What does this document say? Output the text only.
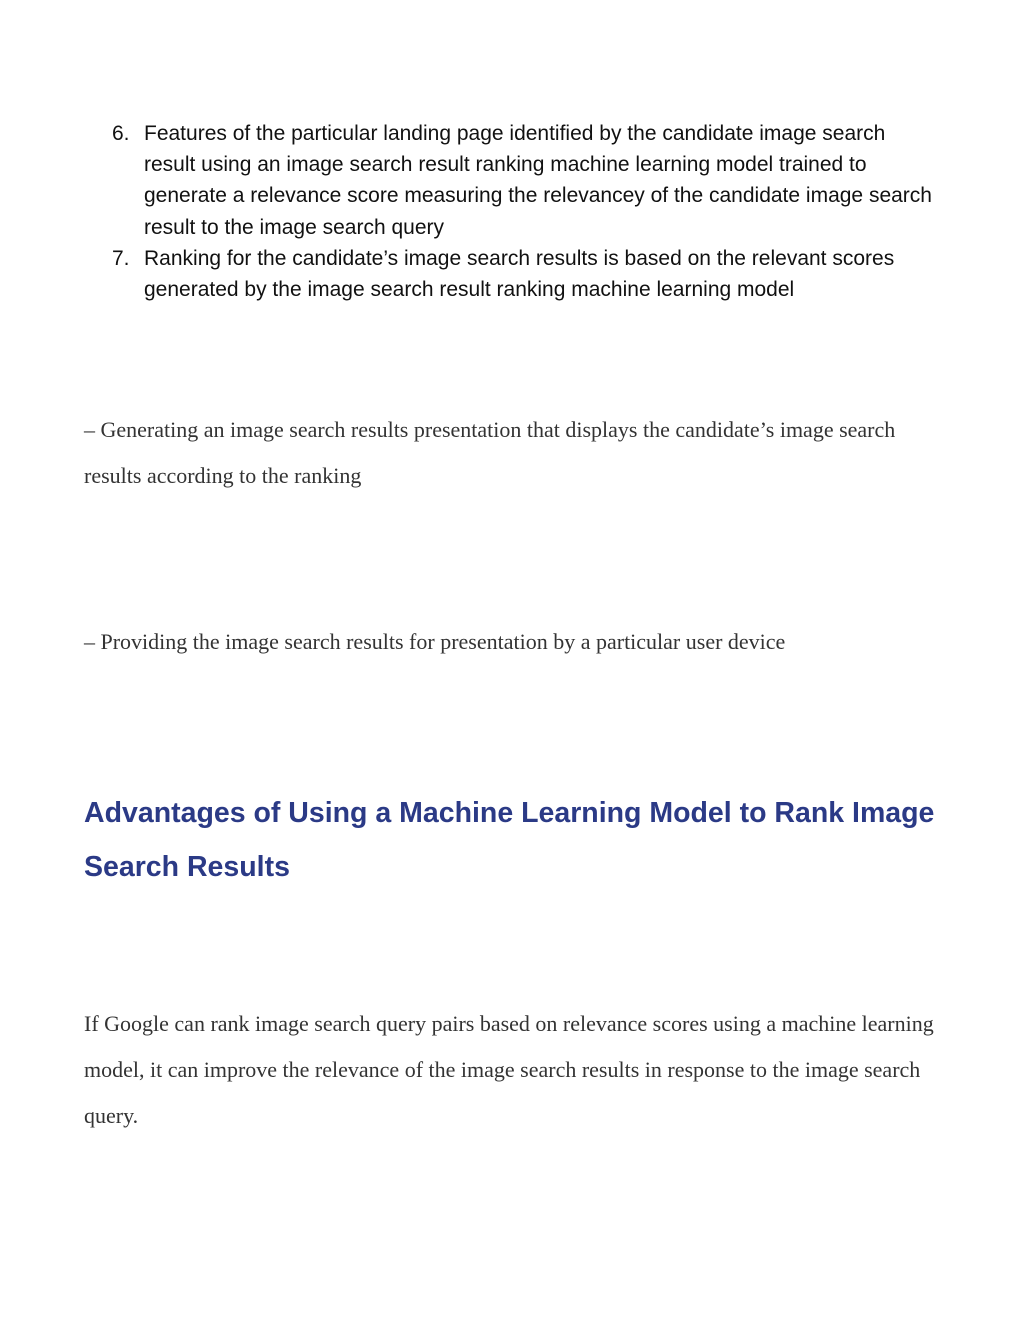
6. Features of the particular landing page identified by the candidate image search result using an image search result ranking machine learning model trained to generate a relevance score measuring the relevancey of the candidate image search result to the image search query
7. Ranking for the candidate’s image search results is based on the relevant scores generated by the image search result ranking machine learning model

– Generating an image search results presentation that displays the candidate’s image search results according to the ranking

– Providing the image search results for presentation by a particular user device

Advantages of Using a Machine Learning Model to Rank Image Search Results

If Google can rank image search query pairs based on relevance scores using a machine learning model, it can improve the relevance of the image search results in response to the image search query.
